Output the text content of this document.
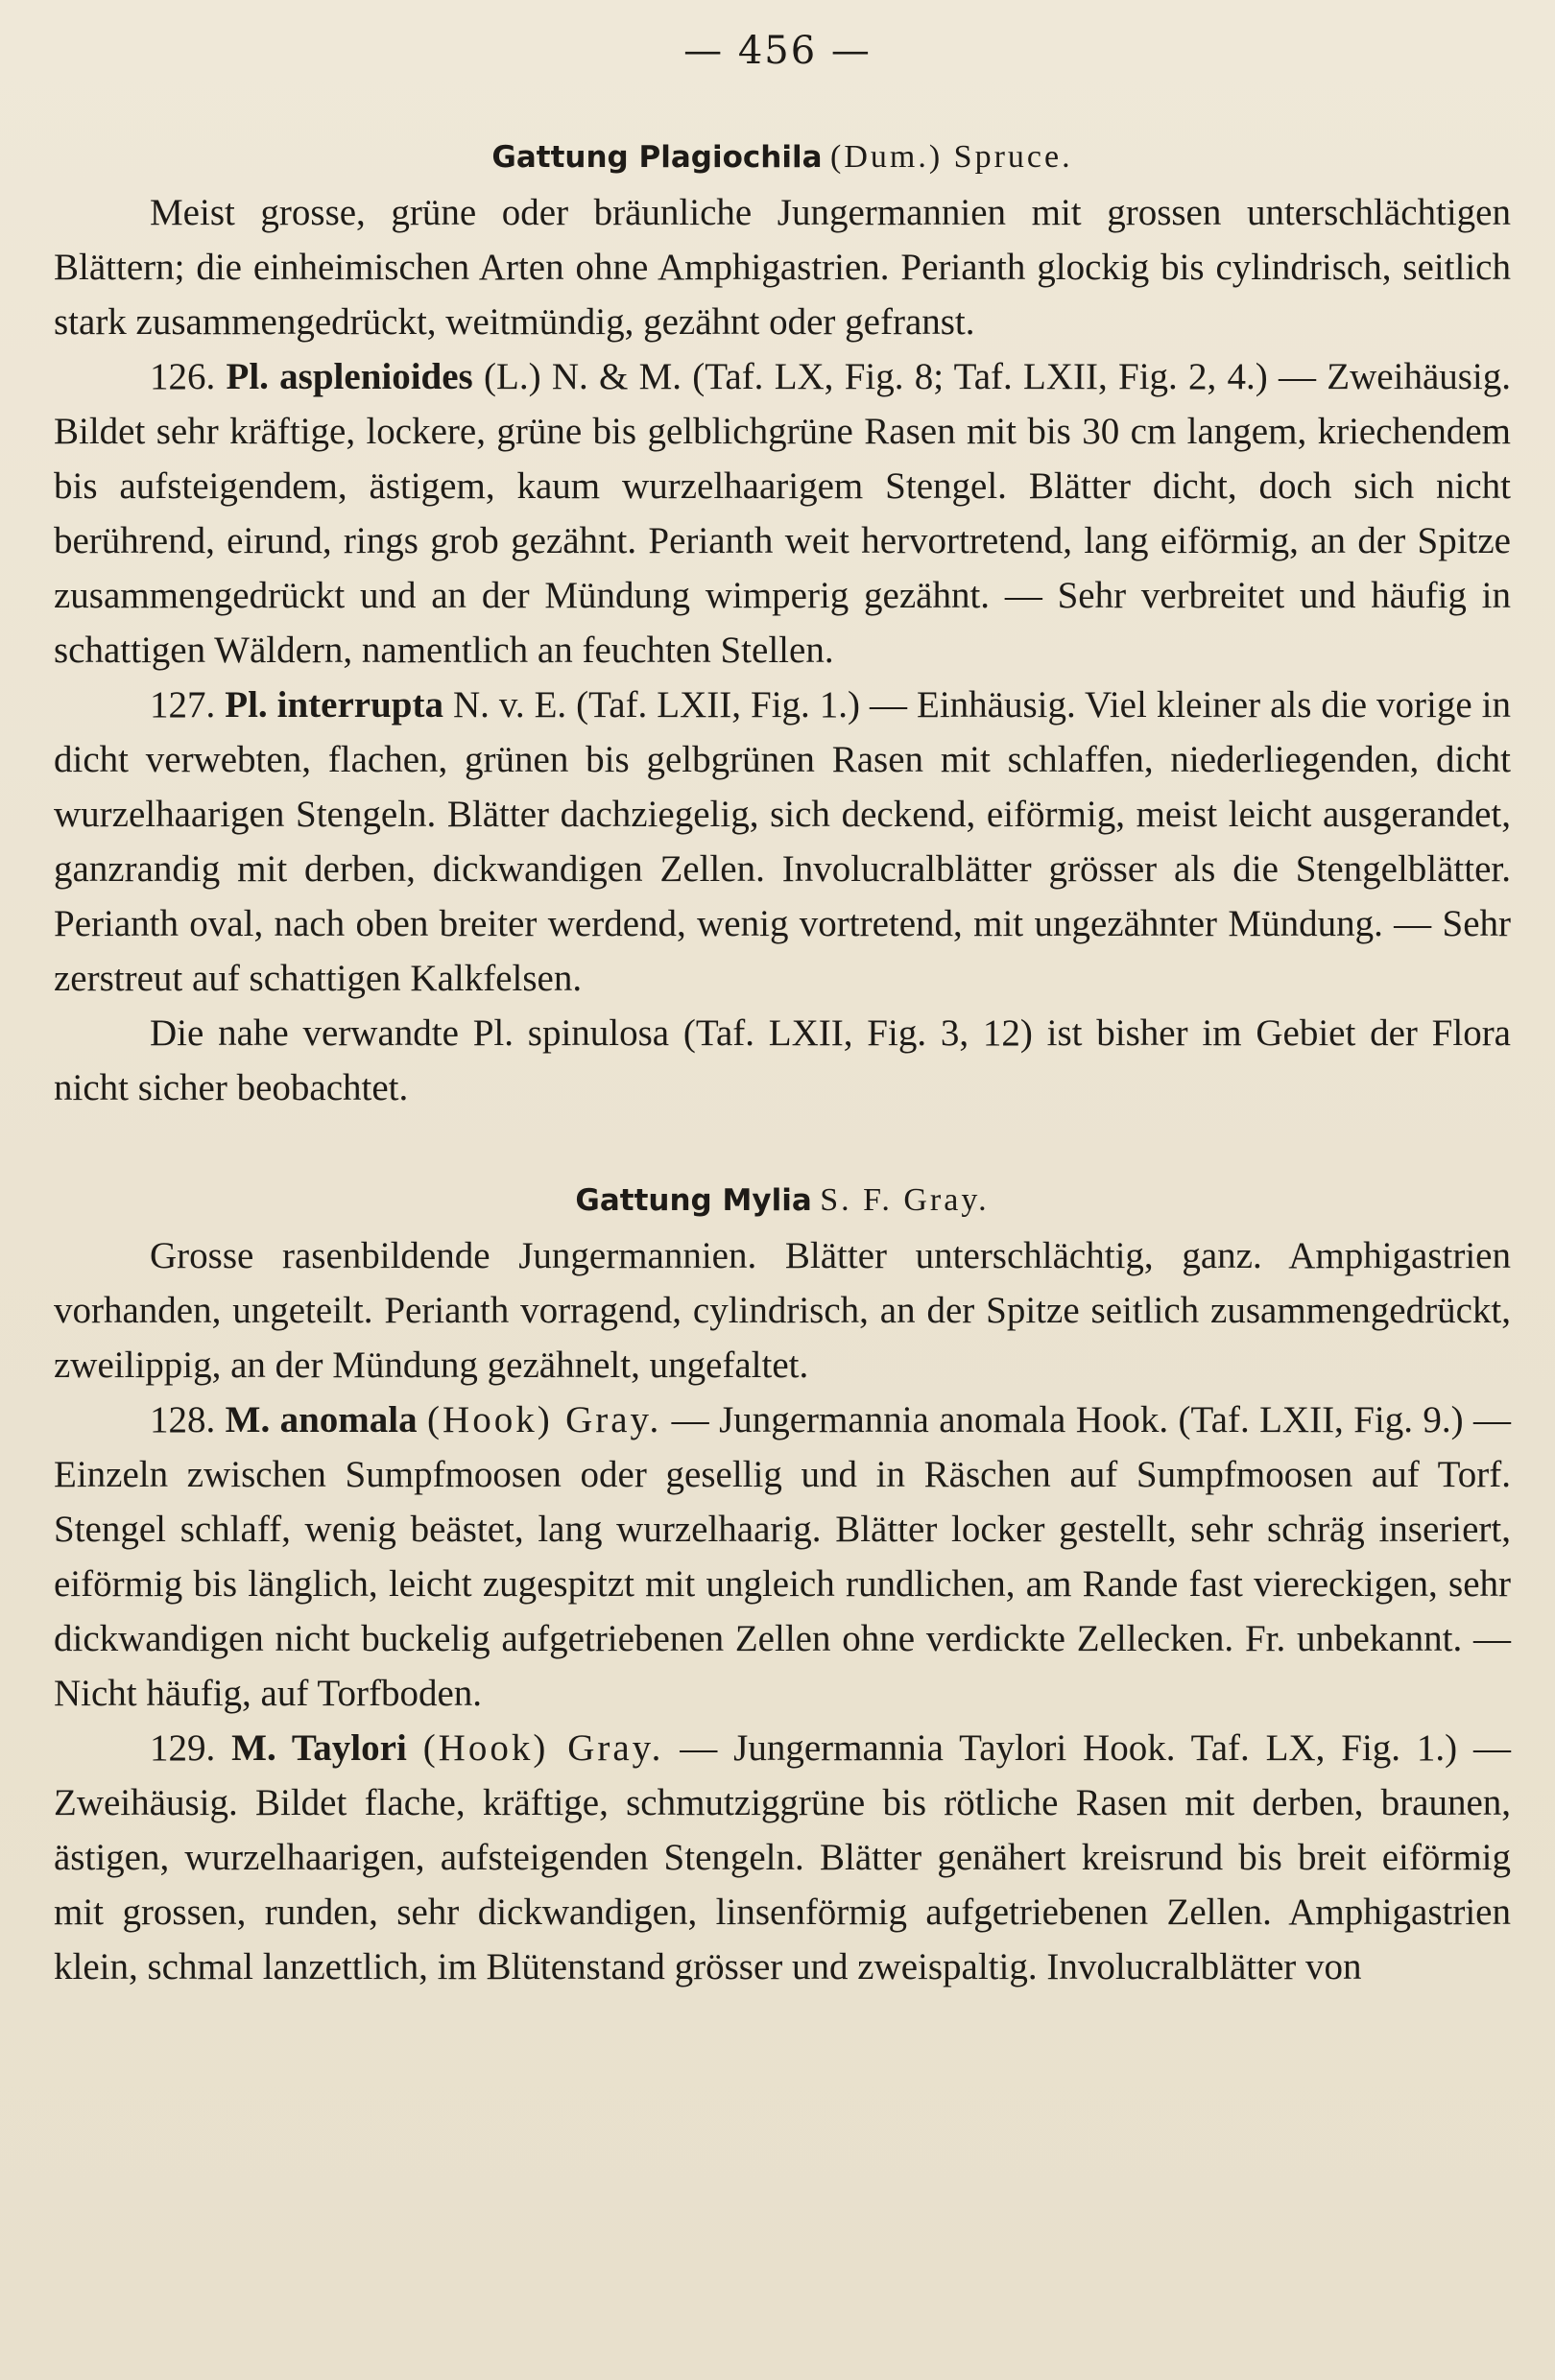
— 456 —

Gattung Plagiochila (Dum.) Spruce.

Meist grosse, grüne oder bräunliche Jungermannien mit grossen unterschlächtigen Blättern; die einheimischen Arten ohne Amphigastrien. Perianth glockig bis cylindrisch, seitlich stark zusammengedrückt, weitmündig, gezähnt oder gefranst.

126. Pl. asplenioides (L.) N. & M. (Taf. LX, Fig. 8; Taf. LXII, Fig. 2, 4.) — Zweihäusig. Bildet sehr kräftige, lockere, grüne bis gelblichgrüne Rasen mit bis 30 cm langem, kriechendem bis aufsteigendem, ästigem, kaum wurzelhaarigem Stengel. Blätter dicht, doch sich nicht berührend, eirund, rings grob gezähnt. Perianth weit hervortretend, lang eiförmig, an der Spitze zusammengedrückt und an der Mündung wimperig gezähnt. — Sehr verbreitet und häufig in schattigen Wäldern, namentlich an feuchten Stellen.

127. Pl. interrupta N. v. E. (Taf. LXII, Fig. 1.) — Einhäusig. Viel kleiner als die vorige in dicht verwebten, flachen, grünen bis gelbgrünen Rasen mit schlaffen, niederliegenden, dicht wurzelhaarigen Stengeln. Blätter dachziegelig, sich deckend, eiförmig, meist leicht ausgerandet, ganzrandig mit derben, dickwandigen Zellen. Involucralblätter grösser als die Stengelblätter. Perianth oval, nach oben breiter werdend, wenig vortretend, mit ungezähnter Mündung. — Sehr zerstreut auf schattigen Kalkfelsen.

Die nahe verwandte Pl. spinulosa (Taf. LXII, Fig. 3, 12) ist bisher im Gebiet der Flora nicht sicher beobachtet.

Gattung Mylia S. F. Gray.

Grosse rasenbildende Jungermannien. Blätter unterschlächtig, ganz. Amphigastrien vorhanden, ungeteilt. Perianth vorragend, cylindrisch, an der Spitze seitlich zusammengedrückt, zweilippig, an der Mündung gezähnelt, ungefaltet.

128. M. anomala (Hook) Gray. — Jungermannia anomala Hook. (Taf. LXII, Fig. 9.) — Einzeln zwischen Sumpfmoosen oder gesellig und in Räschen auf Sumpfmoosen auf Torf. Stengel schlaff, wenig beästet, lang wurzelhaarig. Blätter locker gestellt, sehr schräg inseriert, eiförmig bis länglich, leicht zugespitzt mit ungleich rundlichen, am Rande fast viereckigen, sehr dickwandigen nicht buckelig aufgetriebenen Zellen ohne verdickte Zellecken. Fr. unbekannt. — Nicht häufig, auf Torfboden.

129. M. Taylori (Hook) Gray. — Jungermannia Taylori Hook. Taf. LX, Fig. 1.) — Zweihäusig. Bildet flache, kräftige, schmutziggrüne bis rötliche Rasen mit derben, braunen, ästigen, wurzelhaarigen, aufsteigenden Stengeln. Blätter genähert kreisrund bis breit eiförmig mit grossen, runden, sehr dickwandigen, linsenförmig aufgetriebenen Zellen. Amphigastrien klein, schmal lanzettlich, im Blütenstand grösser und zweispaltig. Involucralblätter von
